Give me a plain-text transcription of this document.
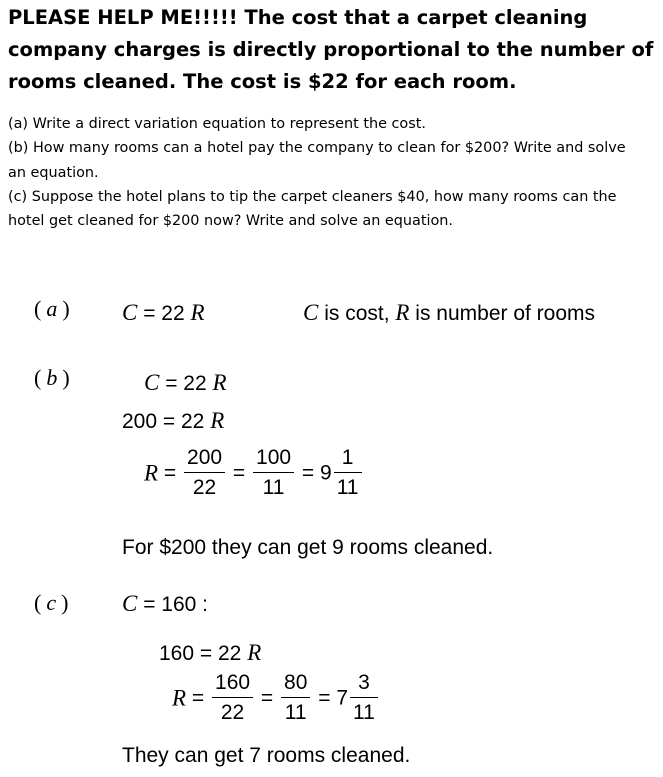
PLEASE HELP ME!!!!! The cost that a carpet cleaning company charges is directly proportional to the number of rooms cleaned. The cost is $22 for each room.
(a) Write a direct variation equation to represent the cost.
(b) How many rooms can a hotel pay the company to clean for $200? Write and solve an equation.
(c) Suppose the hotel plans to tip the carpet cleaners $40, how many rooms can the hotel get cleaned for $200 now? Write and solve an equation.
( a ) C = 22 R	C is cost, R is number of rooms
( b )	C = 22 R
200 = 22 R
$R = \frac{200}{22} = \frac{100}{11} = 9 \frac{1}{11}$
For $200 they can get 9 rooms cleaned.
( c ) C = 160 :
160 = 22 R
$R = \frac{160}{22} = \frac{80}{11} = 7 \frac{3}{11}$
They can get 7 rooms cleaned.
